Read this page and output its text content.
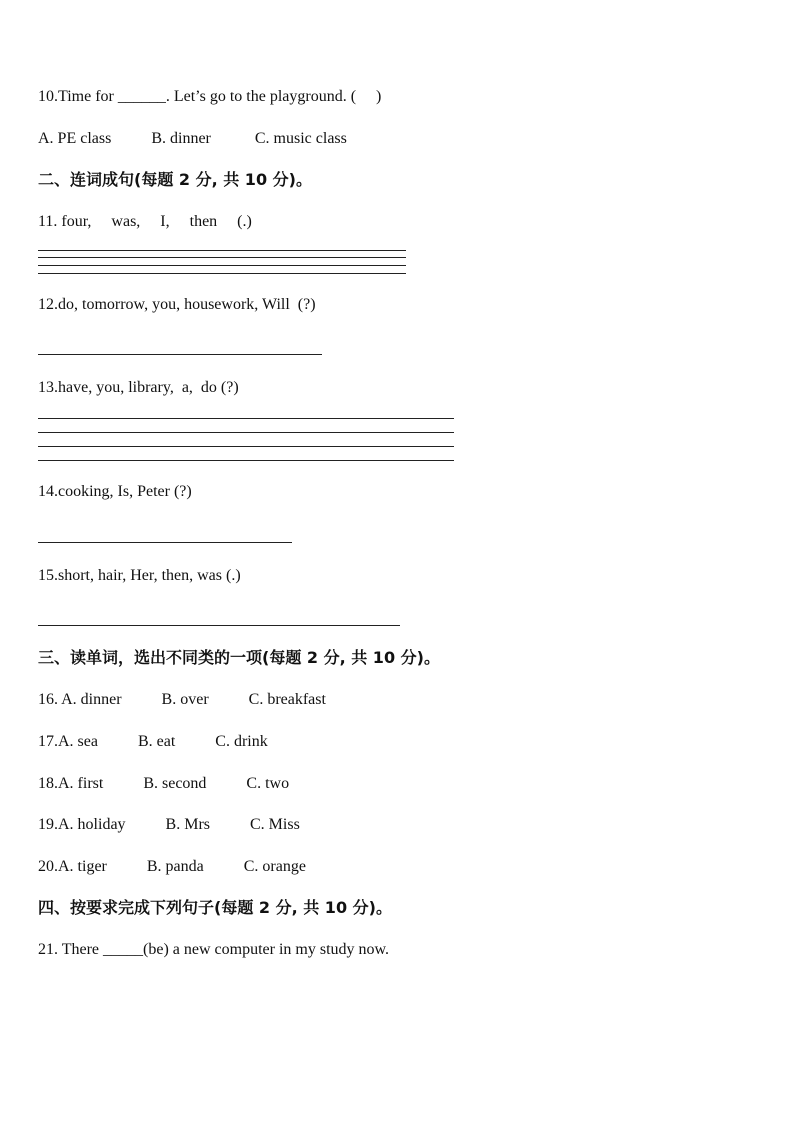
10.Time for ______. Let’s go to the playground. (     )
A. PE class          B. dinner           C. music class
二、连词成句(每题 2 分, 共 10 分)。
11. four,     was,     I,     then     (.)
12.do, tomorrow, you, housework, Will  (?)
13.have, you, library,  a,  do (?)
14.cooking, Is, Peter (?)
15.short, hair, Her, then, was (.)
三、读单词，选出不同类的一项(每题 2 分, 共 10 分)。
16. A. dinner          B. over          C. breakfast
17.A. sea          B. eat          C. drink
18.A. first          B. second          C. two
19.A. holiday          B. Mrs          C. Miss
20.A. tiger          B. panda          C. orange
四、按要求完成下列句子(每题 2 分, 共 10 分)。
21. There _____(be) a new computer in my study now.
